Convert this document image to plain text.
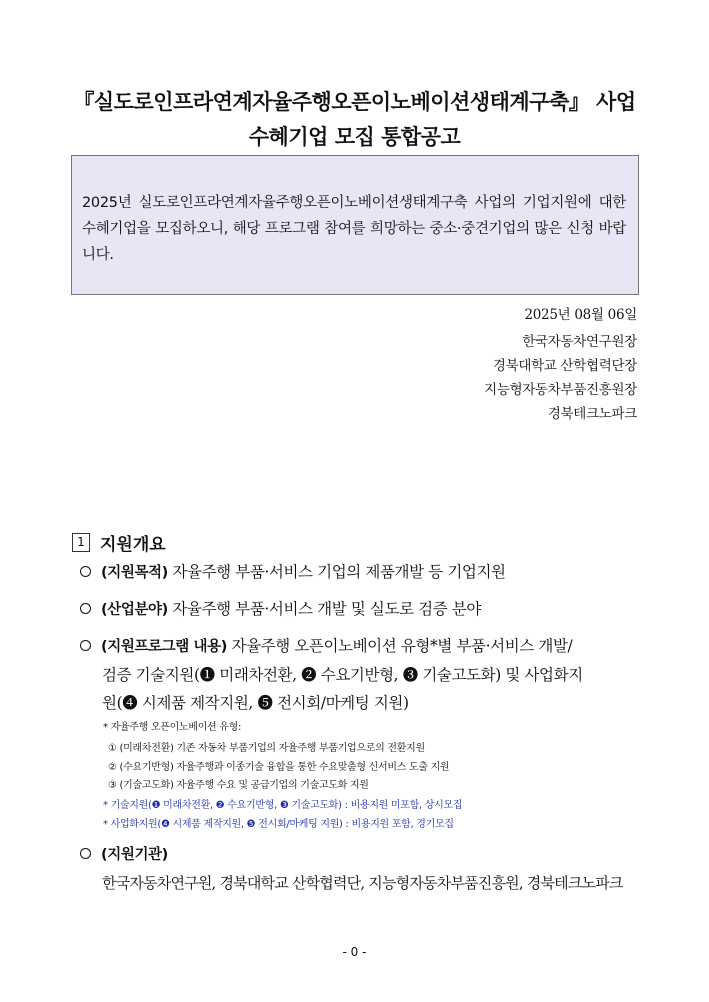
『실도로인프라연계자율주행오픈이노베이션생태계구축』 사업
수혜기업 모집 통합공고
2025년 실도로인프라연계자율주행오픈이노베이션생태계구축 사업의 기업지원에 대한 수혜기업을 모집하오니, 해당 프로그램 참여를 희망하는 중소·중견기업의 많은 신청 바랍니다.
2025년 08월 06일
한국자동차연구원장
경북대학교 산학협력단장
지능형자동차부품진흥원장
경북테크노파크
1 지원개요
(지원목적) 자율주행 부품·서비스 기업의 제품개발 등 기업지원
(산업분야) 자율주행 부품·서비스 개발 및 실도로 검증 분야
(지원프로그램 내용) 자율주행 오픈이노베이션 유형*별 부품·서비스 개발/
검증 기술지원(❶ 미래차전환, ❷ 수요기반형, ❸ 기술고도화) 및 사업화지
원(❹ 시제품 제작지원, ❺ 전시회/마케팅 지원)
* 자율주행 오픈이노베이션 유형:
① (미래차전환) 기존 자동차 부품기업의 자율주행 부품기업으로의 전환지원
② (수요기반형) 자율주행과 이종기술 융합을 통한 수요맞춤형 신서비스 도출 지원
③ (기술고도화) 자율주행 수요 및 공급기업의 기술고도화 지원
* 기술지원(❶ 미래차전환, ❷ 수요기반형, ❸ 기술고도화) : 비용지원 미포함, 상시모집
* 사업화지원(❹ 시제품 제작지원, ❺ 전시회/마케팅 지원) : 비용지원 포함, 경기모집
(지원기관)
한국자동차연구원, 경북대학교 산학협력단, 지능형자동차부품진흥원, 경북테크노파크
- 0 -
